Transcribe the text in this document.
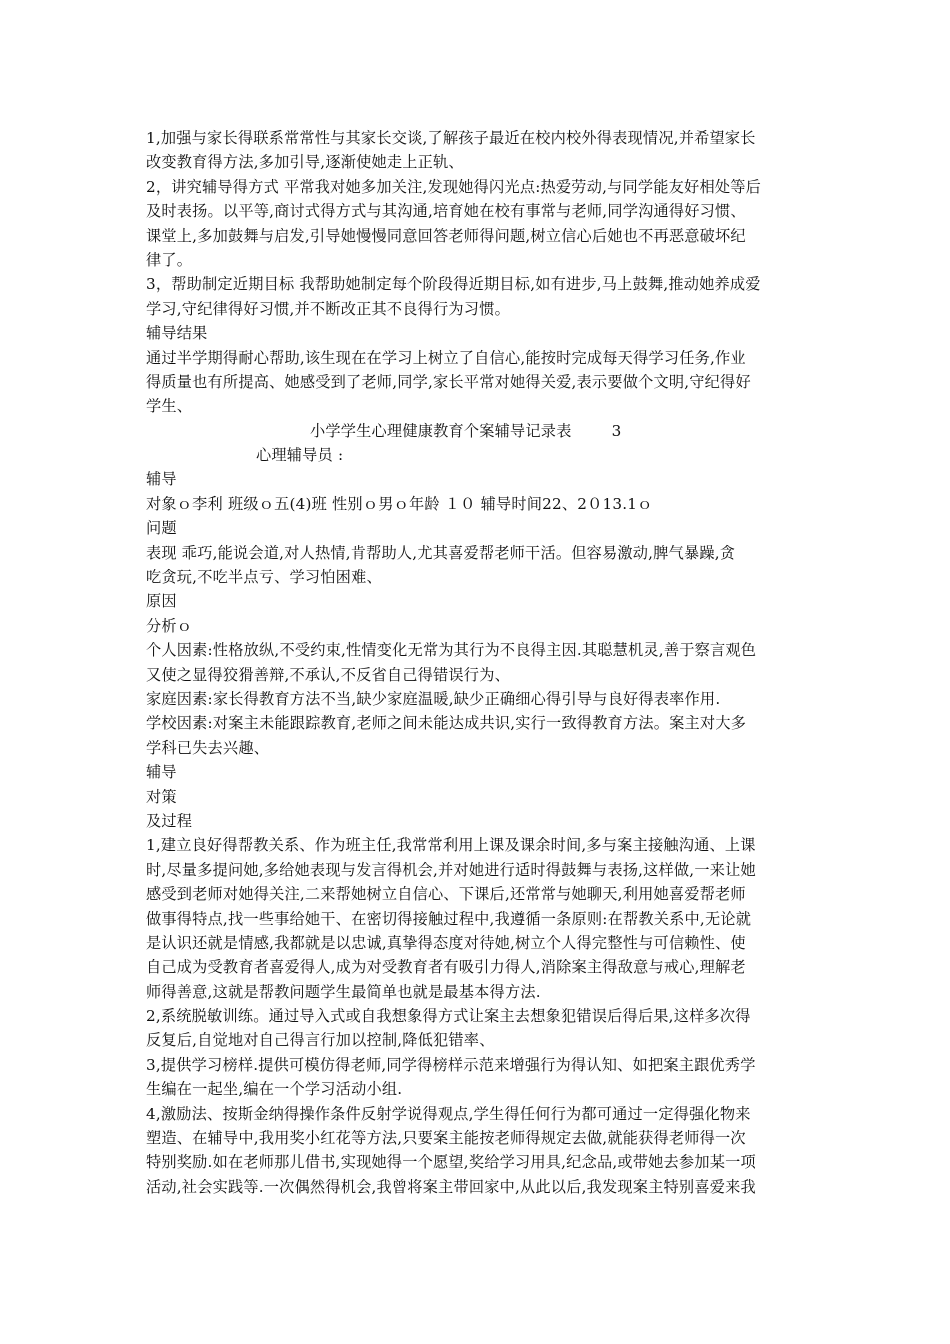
1,加强与家长得联系常常性与其家长交谈,了解孩子最近在校内校外得表现情况,并希望家长
改变教育得方法,多加引导,逐渐使她走上正轨、
2，讲究辅导得方式 平常我对她多加关注,发现她得闪光点:热爱劳动,与同学能友好相处等后
及时表扬。以平等,商讨式得方式与其沟通,培育她在校有事常与老师,同学沟通得好习惯、
课堂上,多加鼓舞与启发,引导她慢慢同意回答老师得问题,树立信心后她也不再恶意破坏纪
律了。
3，帮助制定近期目标 我帮助她制定每个阶段得近期目标,如有进步,马上鼓舞,推动她养成爱
学习,守纪律得好习惯,并不断改正其不良得行为习惯。
辅导结果
通过半学期得耐心帮助,该生现在在学习上树立了自信心,能按时完成每天得学习任务,作业
得质量也有所提高、她感受到了老师,同学,家长平常对她得关爱,表示要做个文明,守纪得好
学生、
小学学生心理健康教育个案辅导记录表	3
心理辅导员 :
辅导
对象ｏ李利 班级ｏ五(4)班 性别ｏ男ｏ年龄 １０ 辅导时间22、2０13.1ｏ
问题
表现 乖巧,能说会道,对人热情,肯帮助人,尤其喜爱帮老师干活。但容易激动,脾气暴躁,贪
吃贪玩,不吃半点亏、学习怕困难、
原因
分析ｏ
个人因素:性格放纵,不受约束,性情变化无常为其行为不良得主因.其聪慧机灵,善于察言观色
又使之显得狡猾善辩,不承认,不反省自己得错误行为、
家庭因素:家长得教育方法不当,缺少家庭温暖,缺少正确细心得引导与良好得表率作用.
学校因素:对案主未能跟踪教育,老师之间未能达成共识,实行一致得教育方法。案主对大多
学科已失去兴趣、
辅导
对策
及过程
1,建立良好得帮教关系、作为班主任,我常常利用上课及课余时间,多与案主接触沟通、上课
时,尽量多提问她,多给她表现与发言得机会,并对她进行适时得鼓舞与表扬,这样做,一来让她
感受到老师对她得关注,二来帮她树立自信心、下课后,还常常与她聊天,利用她喜爱帮老师
做事得特点,找一些事给她干、在密切得接触过程中,我遵循一条原则:在帮教关系中,无论就
是认识还就是情感,我都就是以忠诚,真挚得态度对待她,树立个人得完整性与可信赖性、使
自己成为受教育者喜爱得人,成为对受教育者有吸引力得人,消除案主得敌意与戒心,理解老
师得善意,这就是帮教问题学生最简单也就是最基本得方法.
2,系统脱敏训练。通过导入式或自我想象得方式让案主去想象犯错误后得后果,这样多次得
反复后,自觉地对自己得言行加以控制,降低犯错率、
3,提供学习榜样.提供可模仿得老师,同学得榜样示范来增强行为得认知、如把案主跟优秀学
生编在一起坐,编在一个学习活动小组.
4,激励法、按斯金纳得操作条件反射学说得观点,学生得任何行为都可通过一定得强化物来
塑造、在辅导中,我用奖小红花等方法,只要案主能按老师得规定去做,就能获得老师得一次
特别奖励.如在老师那儿借书,实现她得一个愿望,奖给学习用具,纪念品,或带她去参加某一项
活动,社会实践等.一次偶然得机会,我曾将案主带回家中,从此以后,我发现案主特别喜爱来我
